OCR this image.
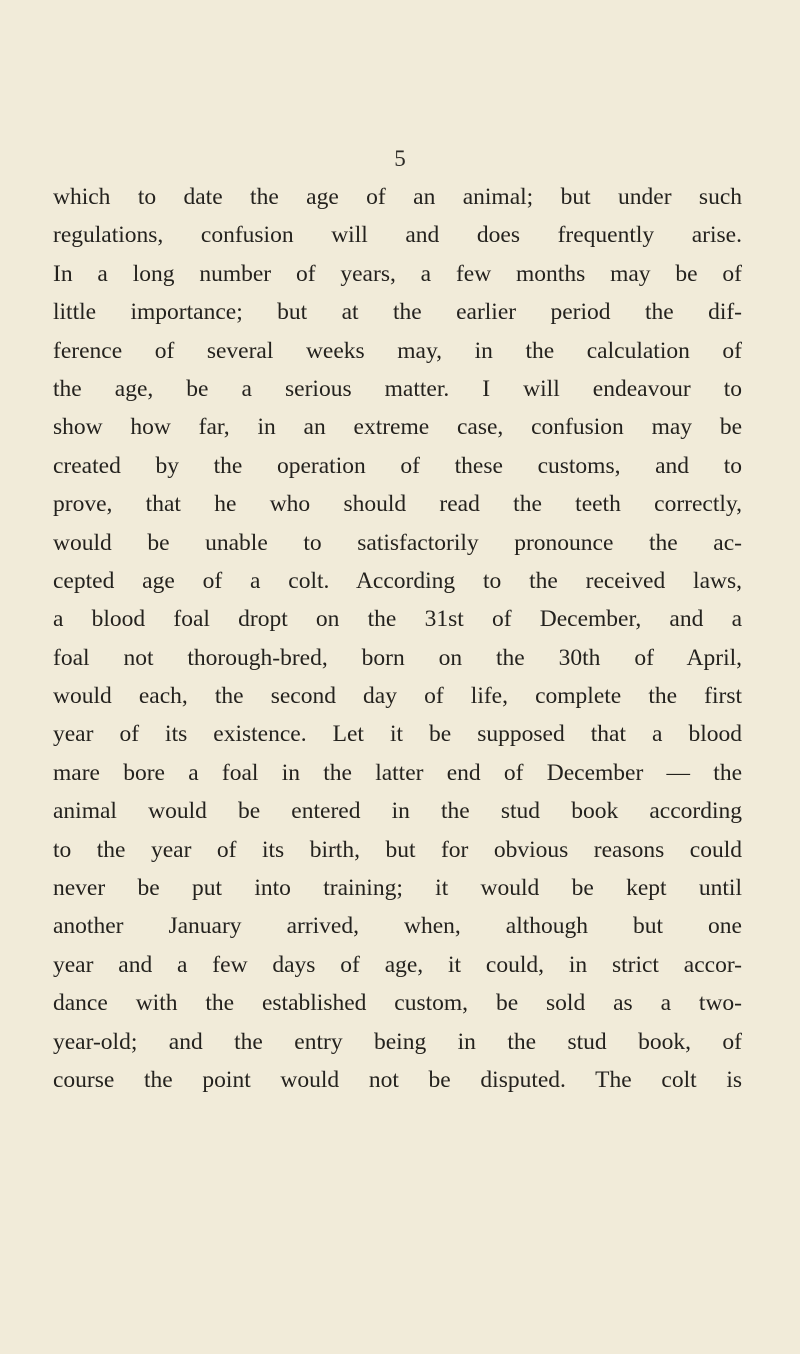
5
which to date the age of an animal; but under such
regulations, confusion will and does frequently arise.
In a long number of years, a few months may be of
little importance; but at the earlier period the dif-
ference of several weeks may, in the calculation of
the age, be a serious matter. I will endeavour to
show how far, in an extreme case, confusion may be
created by the operation of these customs, and to
prove, that he who should read the teeth correctly,
would be unable to satisfactorily pronounce the ac-
cepted age of a colt. According to the received laws,
a blood foal dropt on the 31st of December, and a
foal not thorough-bred, born on the 30th of April,
would each, the second day of life, complete the first
year of its existence. Let it be supposed that a blood
mare bore a foal in the latter end of December — the
animal would be entered in the stud book according
to the year of its birth, but for obvious reasons could
never be put into training; it would be kept until
another January arrived, when, although but one
year and a few days of age, it could, in strict accor-
dance with the established custom, be sold as a two-
year-old; and the entry being in the stud book, of
course the point would not be disputed. The colt is
